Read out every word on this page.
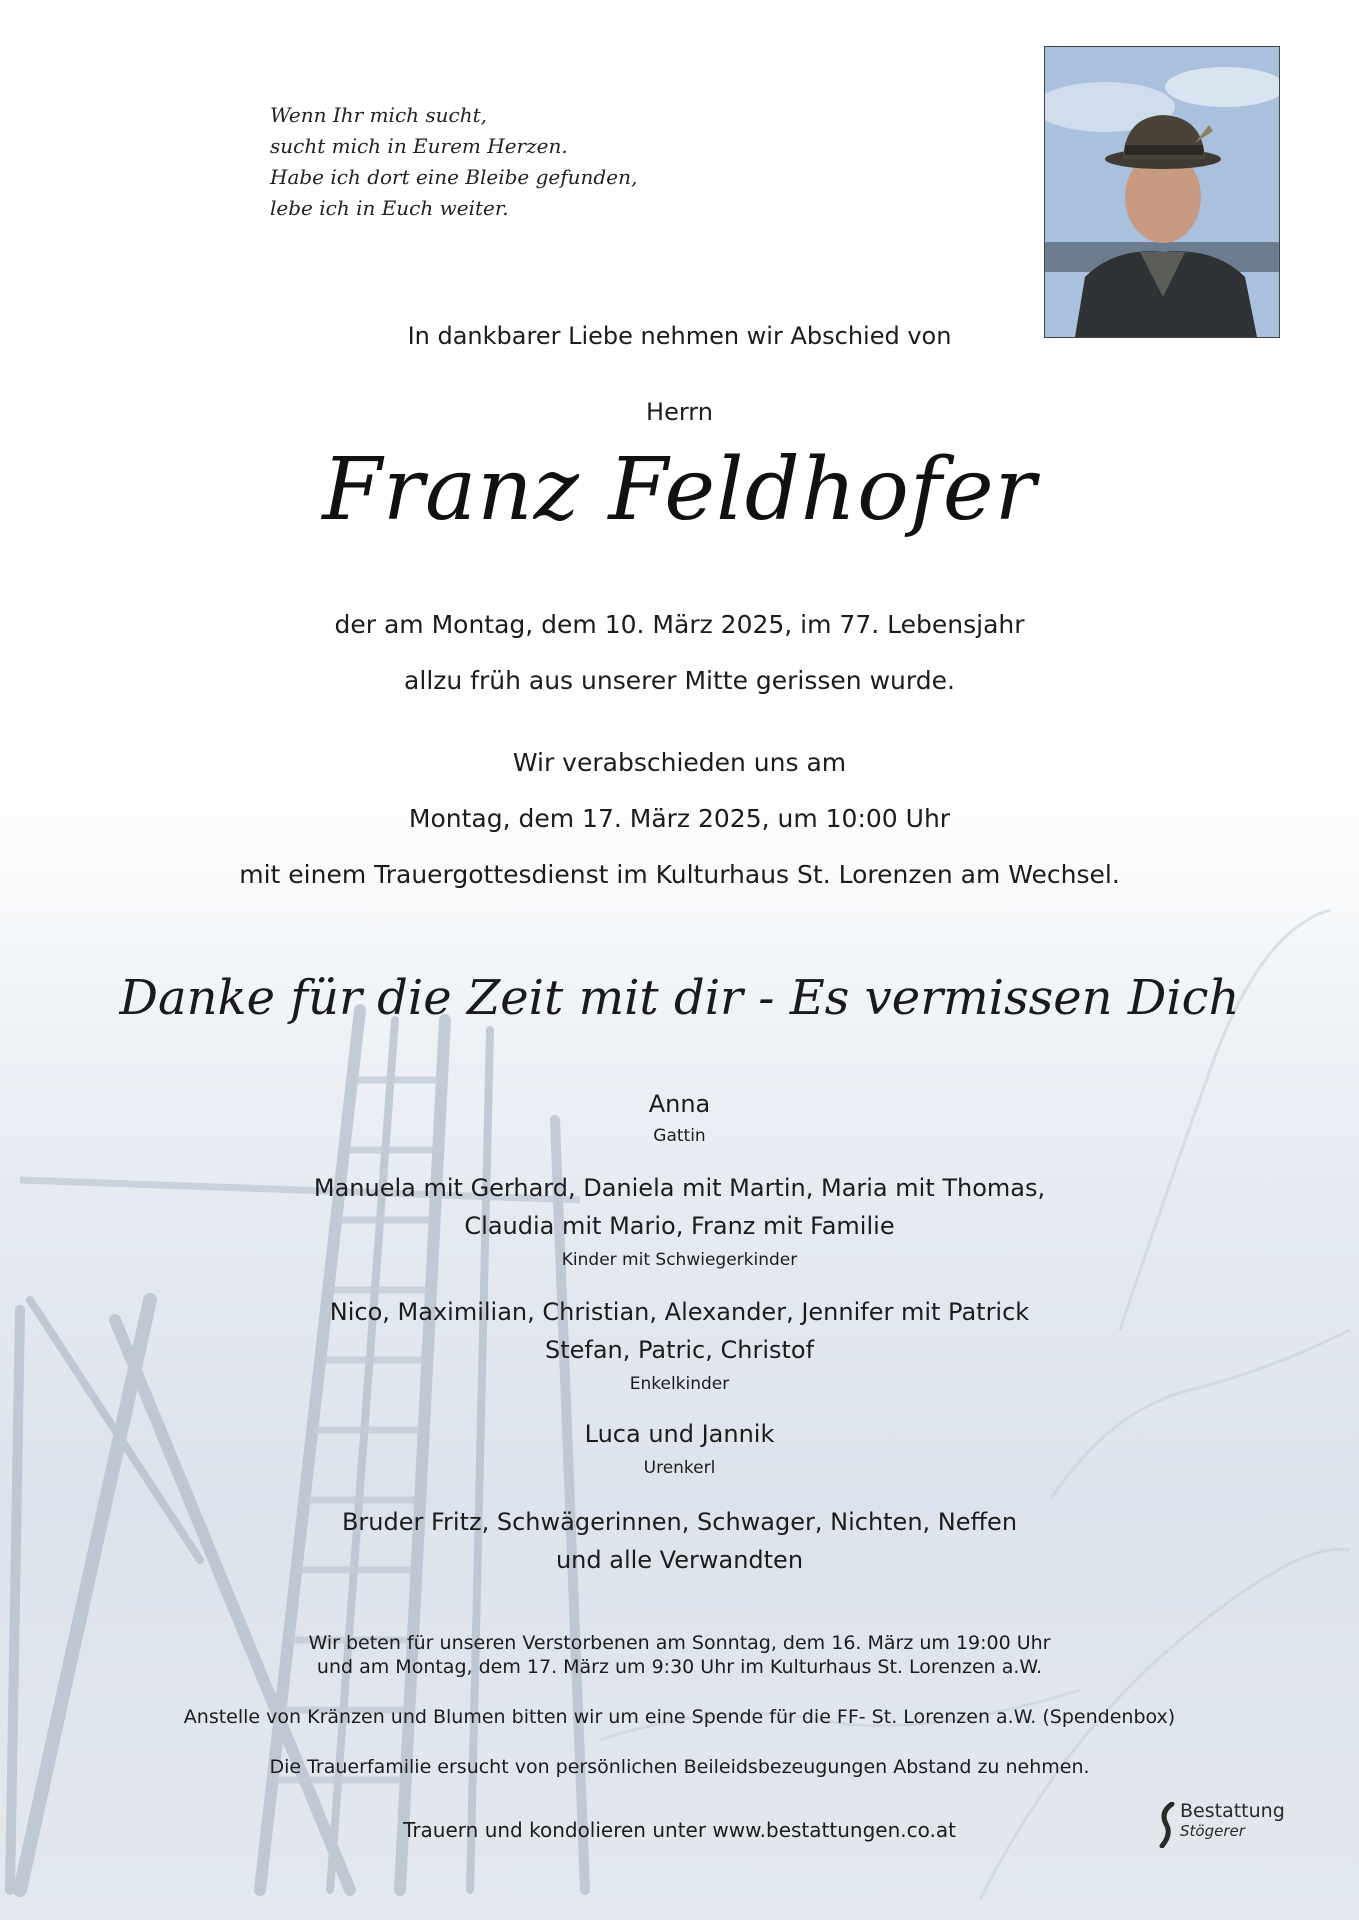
Wenn Ihr mich sucht,
sucht mich in Eurem Herzen.
Habe ich dort eine Bleibe gefunden,
lebe ich in Euch weiter.
In dankbarer Liebe nehmen wir Abschied von
Herrn
Franz Feldhofer
der am Montag, dem 10. März 2025, im 77. Lebensjahr
allzu früh aus unserer Mitte gerissen wurde.
Wir verabschieden uns am
Montag, dem 17. März 2025, um 10:00 Uhr
mit einem Trauergottesdienst im Kulturhaus St. Lorenzen am Wechsel.
Danke für die Zeit mit dir - Es vermissen Dich
Anna
Gattin
Manuela mit Gerhard, Daniela mit Martin, Maria mit Thomas,
Claudia mit Mario, Franz mit Familie
Kinder mit Schwiegerkinder
Nico, Maximilian, Christian, Alexander, Jennifer mit Patrick
Stefan, Patric, Christof
Enkelkinder
Luca und Jannik
Urenkerl
Bruder Fritz, Schwägerinnen, Schwager, Nichten, Neffen
und alle Verwandten
Wir beten für unseren Verstorbenen am Sonntag, dem 16. März um 19:00 Uhr
und am Montag, dem 17. März um 9:30 Uhr im Kulturhaus St. Lorenzen a.W.
Anstelle von Kränzen und Blumen bitten wir um eine Spende für die FF- St. Lorenzen a.W. (Spendenbox)
Die Trauerfamilie ersucht von persönlichen Beileidsbezeugungen Abstand zu nehmen.
Trauern und kondolieren unter www.bestattungen.co.at
Bestattung
Stögerer
